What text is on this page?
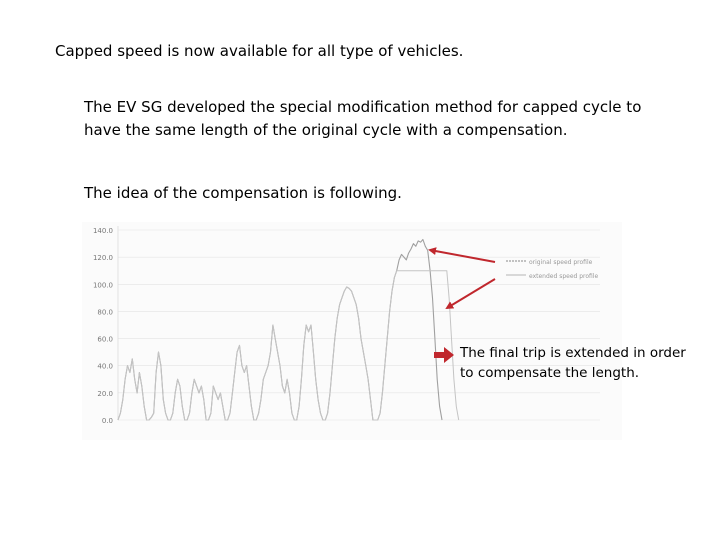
Capped speed is now available for all type of vehicles.
The EV SG developed the special modification method for capped cycle to
have the same length of the original cycle with a compensation.
The idea of the compensation is following.
140.0
120.0
100.0
80.0
60.0
40.0
20.0
0.0
original speed profile
extended speed profile
The final trip is extended in order
to compensate the length.
